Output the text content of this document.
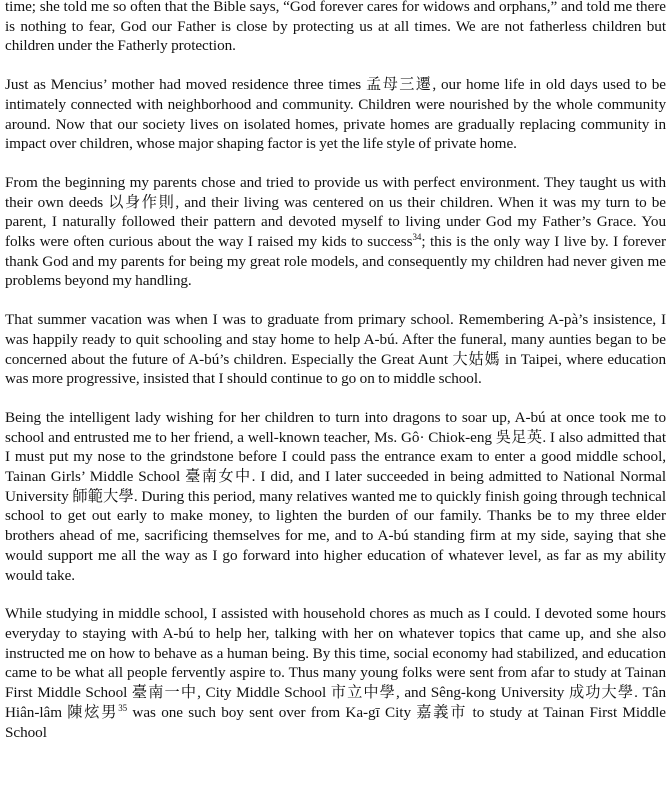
time; she told me so often that the Bible says, “God forever cares for widows and orphans,” and told me there is nothing to fear, God our Father is close by protecting us at all times. We are not fatherless children but children under the Fatherly protection.

Just as Mencius’ mother had moved residence three times 孟母三遷, our home life in old days used to be intimately connected with neighborhood and community. Children were nourished by the whole community around. Now that our society lives on isolated homes, private homes are gradually replacing community in impact over children, whose major shaping factor is yet the life style of private home.

From the beginning my parents chose and tried to provide us with perfect environment. They taught us with their own deeds 以身作則, and their living was centered on us their children. When it was my turn to be parent, I naturally followed their pattern and devoted myself to living under God my Father’s Grace. You folks were often curious about the way I raised my kids to success$^{34}$; this is the only way I live by. I forever thank God and my parents for being my great role models, and consequently my children had never given me problems beyond my handling.

That summer vacation was when I was to graduate from primary school. Remembering A-pà’s insistence, I was happily ready to quit schooling and stay home to help A-bú. After the funeral, many aunties began to be concerned about the future of A-bú’s children. Especially the Great Aunt 大姑媽 in Taipei, where education was more progressive, insisted that I should continue to go on to middle school.

Being the intelligent lady wishing for her children to turn into dragons to soar up, A-bú at once took me to school and entrusted me to her friend, a well-known teacher, Ms. Gô· Chiok-eng 吳足英. I also admitted that I must put my nose to the grindstone before I could pass the entrance exam to enter a good middle school, Tainan Girls’ Middle School 臺南女中. I did, and I later succeeded in being admitted to National Normal University 師範大學. During this period, many relatives wanted me to quickly finish going through technical school to get out early to make money, to lighten the burden of our family. Thanks be to my three elder brothers ahead of me, sacrificing themselves for me, and to A-bú standing firm at my side, saying that she would support me all the way as I go forward into higher education of whatever level, as far as my ability would take.

While studying in middle school, I assisted with household chores as much as I could. I devoted some hours everyday to staying with A-bú to help her, talking with her on whatever topics that came up, and she also instructed me on how to behave as a human being. By this time, social economy had stabilized, and education came to be what all people fervently aspire to. Thus many young folks were sent from afar to study at Tainan First Middle School 臺南一中, City Middle School 市立中學, and Sêng-kong University 成功大學. Tân Hiân-lâm 陳炫男$^{35}$ was one such boy sent over from Ka-gī City 嘉義市 to study at Tainan First Middle School
